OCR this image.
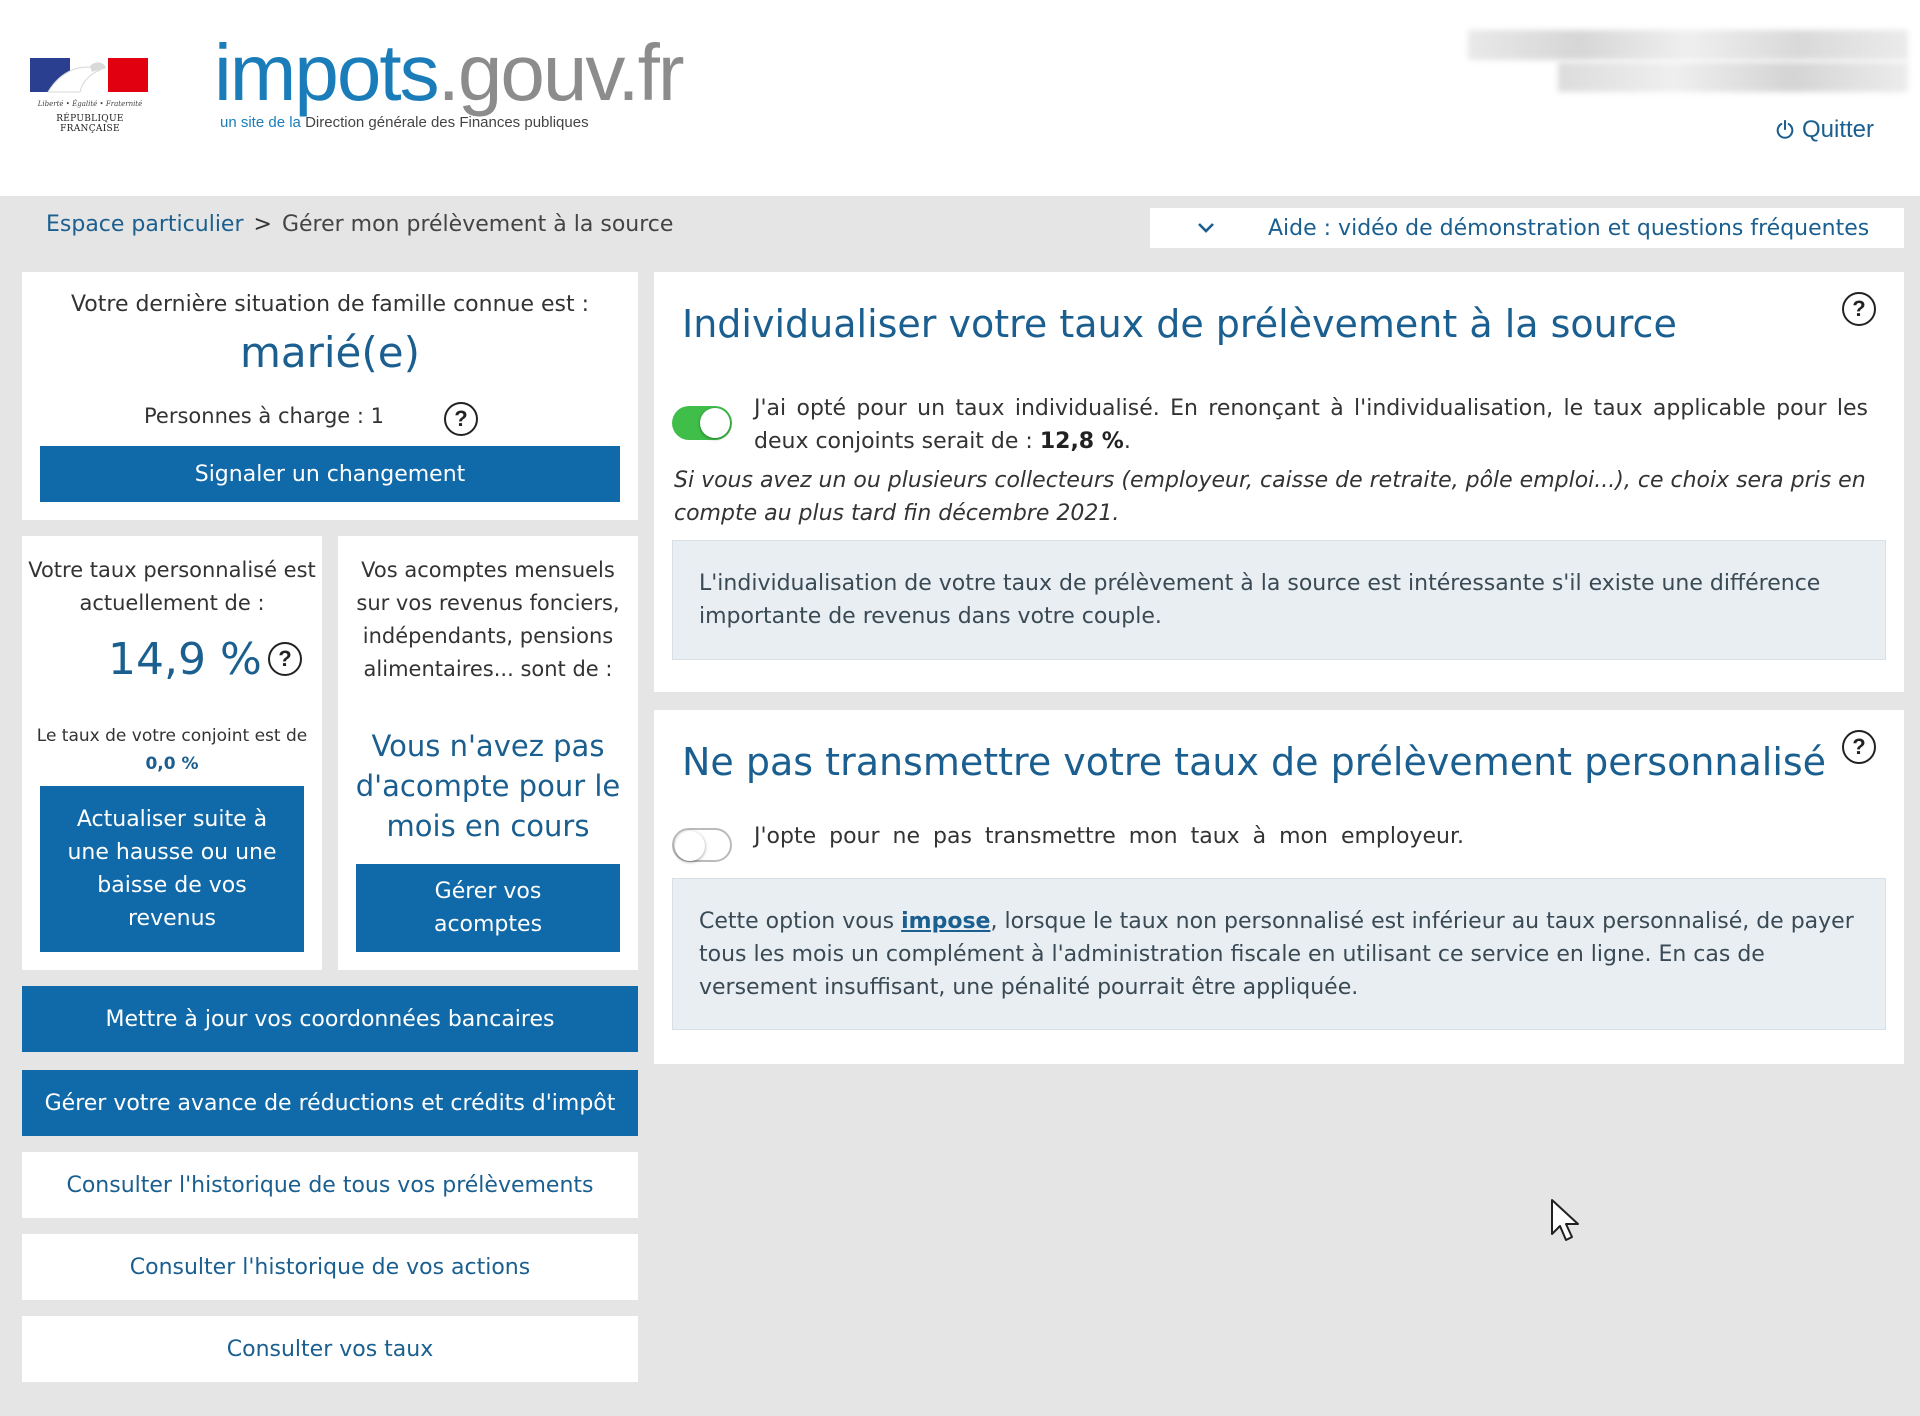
Liberté • Égalité • Fraternité
RÉPUBLIQUE FRANÇAISE
impots.gouv.fr
un site de la Direction générale des Finances publiques	Quitter
Espace particulier > Gérer mon prélèvement à la source	Aide : vidéo de démonstration et questions fréquentes
Votre dernière situation de famille connue est :
marié(e)
Personnes à charge : 1	?
Signaler un changement
Votre taux personnalisé est actuellement de :
14,9 % ?
Le taux de votre conjoint est de 0,0 %
Actualiser suite à une hausse ou une baisse de vos revenus
Vos acomptes mensuels sur vos revenus fonciers, indépendants, pensions alimentaires... sont de :
Vous n'avez pas d'acompte pour le mois en cours
Gérer vos acomptes
Mettre à jour vos coordonnées bancaires
Gérer votre avance de réductions et crédits d'impôt
Consulter l'historique de tous vos prélèvements
Consulter l'historique de vos actions
Consulter vos taux
Individualiser votre taux de prélèvement à la source	?
J'ai opté pour un taux individualisé. En renonçant à l'individualisation, le taux applicable pour les deux conjoints serait de : 12,8 %.
Si vous avez un ou plusieurs collecteurs (employeur, caisse de retraite, pôle emploi...), ce choix sera pris en compte au plus tard fin décembre 2021.
L'individualisation de votre taux de prélèvement à la source est intéressante s'il existe une différence importante de revenus dans votre couple.
Ne pas transmettre votre taux de prélèvement personnalisé	?
J'opte pour ne pas transmettre mon taux à mon employeur.
Cette option vous impose, lorsque le taux non personnalisé est inférieur au taux personnalisé, de payer tous les mois un complément à l'administration fiscale en utilisant ce service en ligne. En cas de versement insuffisant, une pénalité pourrait être appliquée.
